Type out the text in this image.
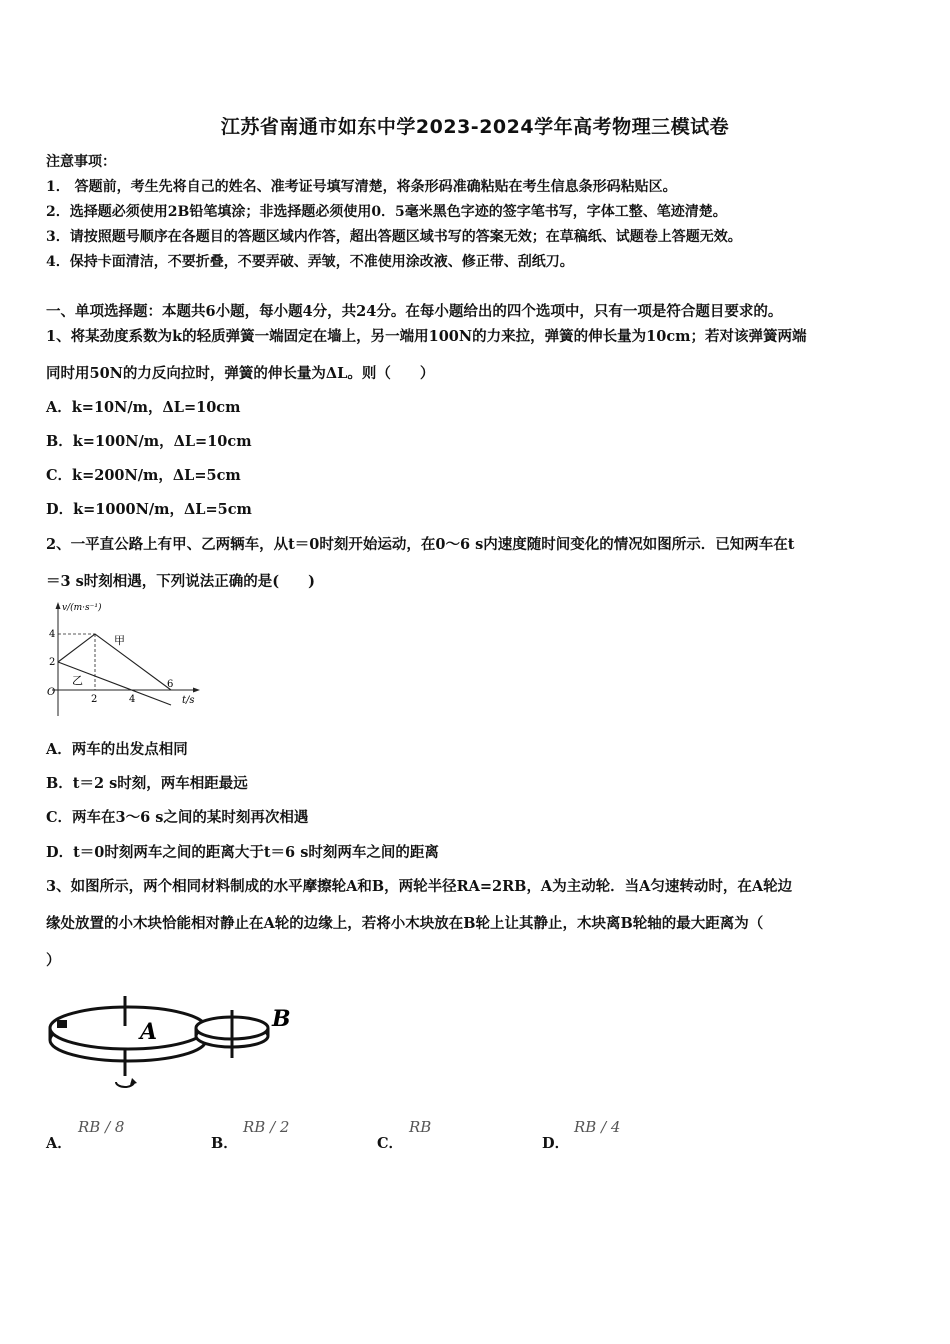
江苏省南通市如东中学2023-2024学年高考物理三模试卷
注意事项：
1． 答题前，考生先将自己的姓名、准考证号填写清楚，将条形码准确粘贴在考生信息条形码粘贴区。
2．选择题必须使用2B铅笔填涂；非选择题必须使用0．5毫米黑色字迹的签字笔书写，字体工整、笔迹清楚。
3．请按照题号顺序在各题目的答题区域内作答，超出答题区域书写的答案无效；在草稿纸、试题卷上答题无效。
4．保持卡面清洁，不要折叠，不要弄破、弄皱，不准使用涂改液、修正带、刮纸刀。
一、单项选择题：本题共6小题，每小题4分，共24分。在每小题给出的四个选项中，只有一项是符合题目要求的。
1、将某劲度系数为k的轻质弹簧一端固定在墙上，另一端用100N的力来拉，弹簧的伸长量为10cm；若对该弹簧两端
同时用50N的力反向拉时，弹簧的伸长量为ΔL。则（　　）
A．k=10N/m，ΔL=10cm
B．k=100N/m，ΔL=10cm
C．k=200N/m，ΔL=5cm
D．k=1000N/m，ΔL=5cm
2、一平直公路上有甲、乙两辆车，从t＝0时刻开始运动，在0～6 s内速度随时间变化的情况如图所示．已知两车在t
＝3 s时刻相遇，下列说法正确的是(　　)
v/(m·s⁻¹)
t/s
O
4
2
2	4
6
甲
乙
A．两车的出发点相同
B．t＝2 s时刻，两车相距最远
C．两车在3～6 s之间的某时刻再次相遇
D．t＝0时刻两车之间的距离大于t＝6 s时刻两车之间的距离
3、如图所示，两个相同材料制成的水平摩擦轮A和B，两轮半径RA=2RB，A为主动轮．当A匀速转动时，在A轮边
缘处放置的小木块恰能相对静止在A轮的边缘上，若将小木块放在B轮上让其静止，木块离B轮轴的最大距离为（
）
A	B
A．
RB / 8
B．
RB / 2
C．
RB
D．
RB / 4
